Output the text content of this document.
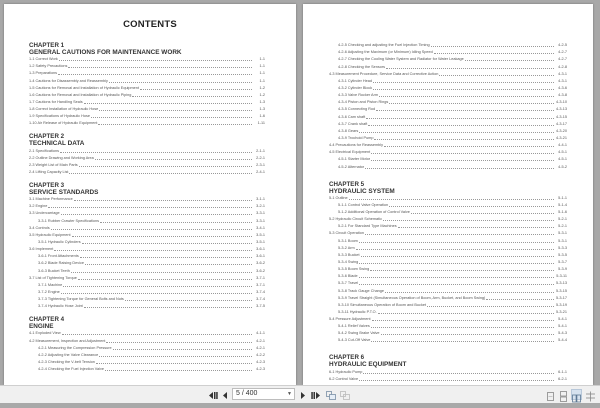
CONTENTS
CHAPTER 1
GENERAL CAUTIONS FOR MAINTENANCE WORK
1-1 Correct Work	1-1
1-2 Safety Precautions	1-1
1-3 Preparations	1-1
1-4 Cautions for Disassembly and Reassembly	1-1
1-5 Cautions for Removal and Installation of Hydraulic Equipment	1-2
1-6 Cautions for Removal and Installation of Hydraulic Piping	1-2
1-7 Cautions for Handling Seals	1-3
1-8 Correct Installation of Hydraulic Hose	1-3
1-9 Specifications of Hydraulic Hose	1-6
1-10 Air Release of Hydraulic Equipment	1-11
CHAPTER 2
TECHNICAL DATA
2-1 Specifications	2-1-1
2-2 Outline Drawing and Working Area	2-2-1
2-3 Weight List of Main Parts	2-3-1
2-4 Lifting Capacity List	2-4-1
CHAPTER 3
SERVICE STANDARDS
3-1 Machine Performance	3-1-1
3-2 Engine	3-2-1
3-3 Undercarriage	3-3-1
3-3-1 Rubber Crawler Specifications	3-3-1
3-4 Controls	3-4-1
3-5 Hydraulic Equipment	3-5-1
3-5-1 Hydraulic Cylinders	3-5-1
3-6 Implement	3-6-1
3-6-1 Front Attachments	3-6-1
3-6-2 Blade Raising Device	3-6-2
3-6-3 Bucket Teeth	3-6-2
3-7 List of Tightening Torque	3-7-1
3-7-1 Machine	3-7-1
3-7-2 Engine	3-7-4
3-7-3 Tightening Torque for General Bolts and Nuts	3-7-4
3-7-4 Hydraulic Hose Joint	3-7-5
CHAPTER 4
ENGINE
4-1 Exploded View	4-1-1
4-2 Measurement, Inspection and Adjustment	4-2-1
4-2-1 Measuring the Compression Pressure	4-2-1
4-2-2 Adjusting the Valve Clearance	4-2-2
4-2-3 Checking the V-belt Tension	4-2-3
4-2-4 Checking the Fuel Injection Valve	4-2-3
4-2-5 Checking and adjusting the Fuel Injection Timing	4-2-5
4-2-6 Adjusting the Maximum (or Minimum) Idling Speed	4-2-7
4-2-7 Checking the Cooling Water System and Radiator for Water Leakage	4-2-7
4-2-8 Checking the Sensors	4-2-8
4-3 Measurement Procedure, Service Data and Corrective Action	4-3-1
4-3-1 Cylinder Head	4-3-1
4-3-2 Cylinder Block	4-3-6
4-3-3 Valve Rocker Arm	4-3-8
4-3-4 Piston and Piston Rings	4-3-10
4-3-5 Connecting Rod	4-3-13
4-3-6 Cam shaft	4-3-15
4-3-7 Crank shaft	4-3-17
4-3-8 Gears	4-3-20
4-3-9 Trochoid Pump	4-3-21
4-4 Precautions for Reassembly	4-4-1
4-5 Electrical Equipment	4-5-1
4-5-1 Starter Motor	4-5-1
4-5-2 Alternator	4-5-2
CHAPTER 5
HYDRAULIC SYSTEM
5-1 Outline	5-1-1
5-1-1 Control Valve Operation	5-1-4
5-1-2 Additional Operation of Control Valve	5-1-6
5-2 Hydraulic Circuit Schematic	5-2-1
5-2-1 For Standard Type Machines	5-2-1
5-3 Circuit Operation	5-3-1
5-3-1 Boom	5-3-1
5-3-2 Arm	5-3-3
5-3-3 Bucket	5-3-5
5-3-4 Swing	5-3-7
5-3-5 Boom Swing	5-3-9
5-3-6 Blade	5-3-11
5-3-7 Travel	5-3-13
5-3-8 Track Gauge Change	5-3-15
5-3-9 Travel Straight (Simultaneous Operation of Boom, Arm, Bucket, and Boom Swing)	5-3-17
5-3-10 Simultaneous Operation of Boom and Bucket	5-3-19
5-3-11 Hydraulic P.T.O.	5-3-21
5-4 Pressure Adjustment	5-4-1
5-4-1 Relief Valves	5-4-1
5-4-2 Swing Brake Valve	5-4-3
5-4-3 Cut-Off Valve	5-4-4
CHAPTER 6
HYDRAULIC EQUIPMENT
6-1 Hydraulic Pump	6-1-1
6-2 Control Valve	6-2-1
5 / 400	▼
